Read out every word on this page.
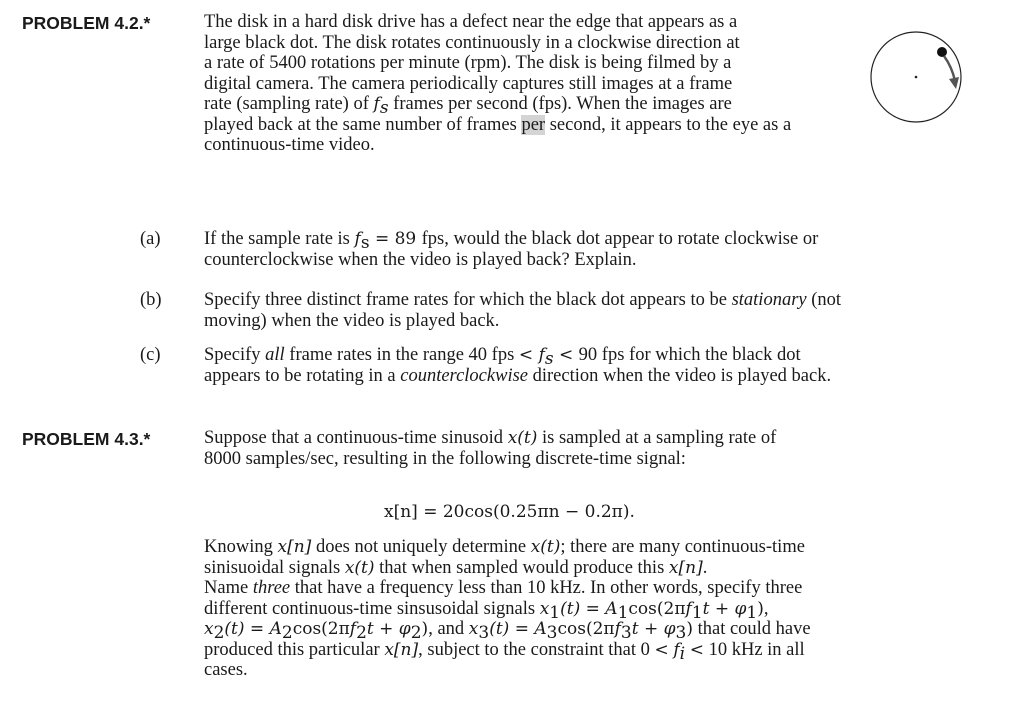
PROBLEM 4.2.*	The disk in a hard disk drive has a defect near the edge that appears as a
large black dot. The disk rotates continuously in a clockwise direction at
a rate of 5400 rotations per minute (rpm). The disk is being filmed by a
digital camera. The camera periodically captures still images at a frame
rate (sampling rate) of $f_s$ frames per second (fps). When the images are
played back at the same number of frames per second, it appears to the eye as a
continuous-time video.
(a) If the sample rate is $f_s = 89$ fps, would the black dot appear to rotate clockwise or
counterclockwise when the video is played back? Explain.
(b) Specify three distinct frame rates for which the black dot appears to be stationary (not
moving) when the video is played back.
(c) Specify all frame rates in the range 40 fps < $f_s < 90$ fps for which the black dot
appears to be rotating in a counterclockwise direction when the video is played back.
PROBLEM 4.3.*	Suppose that a continuous-time sinusoid x(t) is sampled at a sampling rate of
8000 samples/sec, resulting in the following discrete-time signal:
x[n] = 20cos(0.25πn − 0.2π).
Knowing x[n] does not uniquely determine x(t); there are many continuous-time
sinisuoidal signals x(t) that when sampled would produce this x[n].
Name three that have a frequency less than 10 kHz. In other words, specify three
different continuous-time sinsusoidal signals $x_1(t) = A_1\cos(2\pi f_1t + \varphi_1)$,
$x_2(t) = A_2\cos(2\pi f_2t + \varphi_2)$, and $x_3(t) = A_3\cos(2\pi f_3t + \varphi_3)$ that could have
produced this particular x[n], subject to the constraint that $0 < f_i < 10$ kHz in all
cases.
